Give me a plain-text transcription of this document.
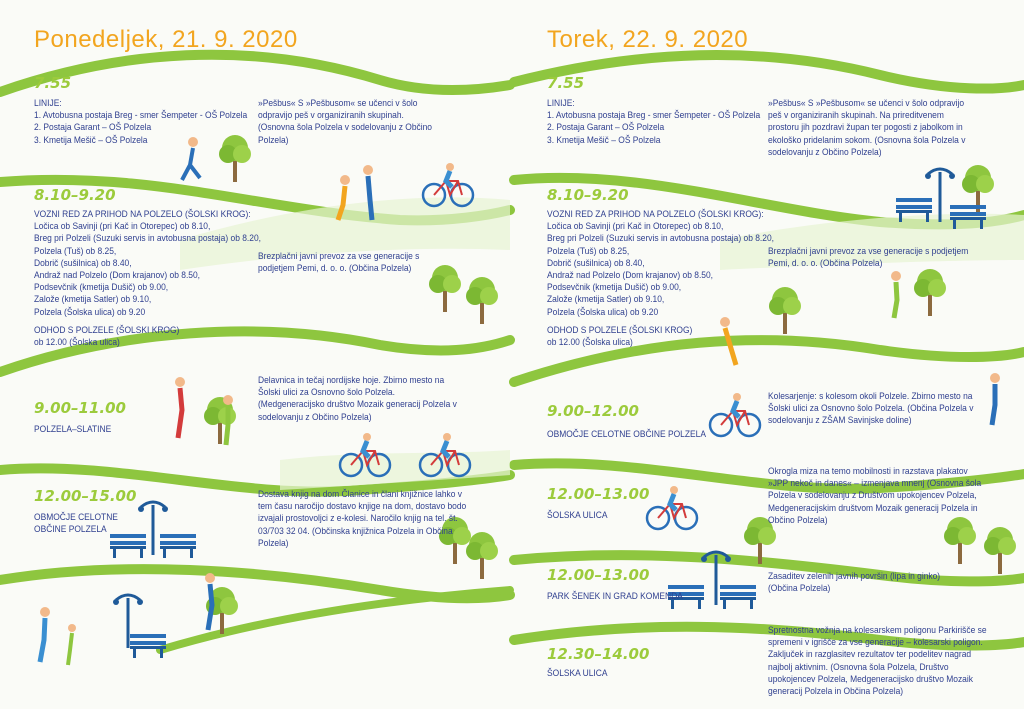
Ponedeljek, 21. 9. 2020
7.55
LINIJE:
1. Avtobusna postaja Breg - smer Šempeter - OŠ Polzela
2. Postaja Garant – OŠ Polzela
3. Kmetija Mešič – OŠ Polzela
»Pešbus« S »Pešbusom« se učenci v šolo odpravijo peš v organiziranih skupinah. (Osnovna šola Polzela v sodelovanju z Občino Polzela)
8.10–9.20
VOZNI RED ZA PRIHOD NA POLZELO (ŠOLSKI KROG):
Ločica ob Savinji (pri Kač in Otorepec) ob 8.10,
Breg pri Polzeli (Suzuki servis in avtobusna postaja) ob 8.20,
Polzela (Tuš) ob 8.25,
Dobrič (sušilnica) ob 8.40,
Andraž nad Polzelo (Dom krajanov) ob 8.50,
Podsevčnik (kmetija Dušič) ob 9.00,
Založe (kmetija Satler) ob 9.10,
Polzela (Šolska ulica) ob 9.20
ODHOD S POLZELE (ŠOLSKI KROG)
ob 12.00 (Šolska ulica)
Brezplačni javni prevoz za vse generacije s podjetjem Pemi, d. o. o. (Občina Polzela)
9.00–11.00
POLZELA–SLATINE
Delavnica in tečaj nordijske hoje. Zbirno mesto na Šolski ulici za Osnovno šolo Polzela. (Medgeneracijsko društvo Mozaik generacij Polzela v sodelovanju z Občino Polzela)
12.00–15.00
OBMOČJE CELOTNE
OBČINE POLZELA
Dostava knjig na dom Članice in člani knjižnice lahko v tem času naročijo dostavo knjige na dom, dostavo bodo izvajali prostovoljci z e-kolesi. Naročilo knjig na tel. št. 03/703 32 04. (Občinska knjižnica Polzela in Občina Polzela)
Torek, 22. 9. 2020
7.55
LINIJE:
1. Avtobusna postaja Breg - smer Šempeter - OŠ Polzela
2. Postaja Garant – OŠ Polzela
3. Kmetija Mešič – OŠ Polzela
»Pešbus« S »Pešbusom« se učenci v šolo odpravijo peš v organiziranih skupinah. Na prireditvenem prostoru jih pozdravi župan ter pogosti z jabolkom in ekološko pridelanim sokom. (Osnovna šola Polzela v sodelovanju z Občino Polzela)
8.10–9.20
VOZNI RED ZA PRIHOD NA POLZELO (ŠOLSKI KROG):
Ločica ob Savinji (pri Kač in Otorepec) ob 8.10,
Breg pri Polzeli (Suzuki servis in avtobusna postaja) ob 8.20,
Polzela (Tuš) ob 8.25,
Dobrič (sušilnica) ob 8.40,
Andraž nad Polzelo (Dom krajanov) ob 8.50,
Podsevčnik (kmetija Dušič) ob 9.00,
Založe (kmetija Satler) ob 9.10,
Polzela (Šolska ulica) ob 9.20
ODHOD S POLZELE (ŠOLSKI KROG)
ob 12.00 (Šolska ulica)
Brezplačni javni prevoz za vse generacije s podjetjem Pemi, d. o. o. (Občina Polzela)
9.00–12.00
OBMOČJE CELOTNE OBČINE POLZELA
Kolesarjenje: s kolesom okoli Polzele. Zbirno mesto na Šolski ulici za Osnovno šolo Polzela. (Občina Polzela v sodelovanju z ZŠAM Savinjske doline)
12.00–13.00
ŠOLSKA ULICA
Okrogla miza na temo mobilnosti in razstava plakatov »JPP nekoč in danes« – izmenjava mnenj (Osnovna šola Polzela v sodelovanju z Društvom upokojencev Polzela, Medgeneracijskim društvom Mozaik generacij Polzela in Občino Polzela)
12.00–13.00
PARK ŠENEK IN GRAD KOMENDA
Zasaditev zelenih javnih površin (lipa in ginko) (Občina Polzela)
12.30–14.00
ŠOLSKA ULICA
Spretnostna vožnja na kolesarskem poligonu Parkirišče se spremeni v igrišče za vse generacije – kolesarski poligon. Zaključek in razglasitev rezultatov ter podelitev nagrad najbolj aktivnim. (Osnovna šola Polzela, Društvo upokojencev Polzela, Medgeneracijsko društvo Mozaik generacij Polzela in Občina Polzela)
